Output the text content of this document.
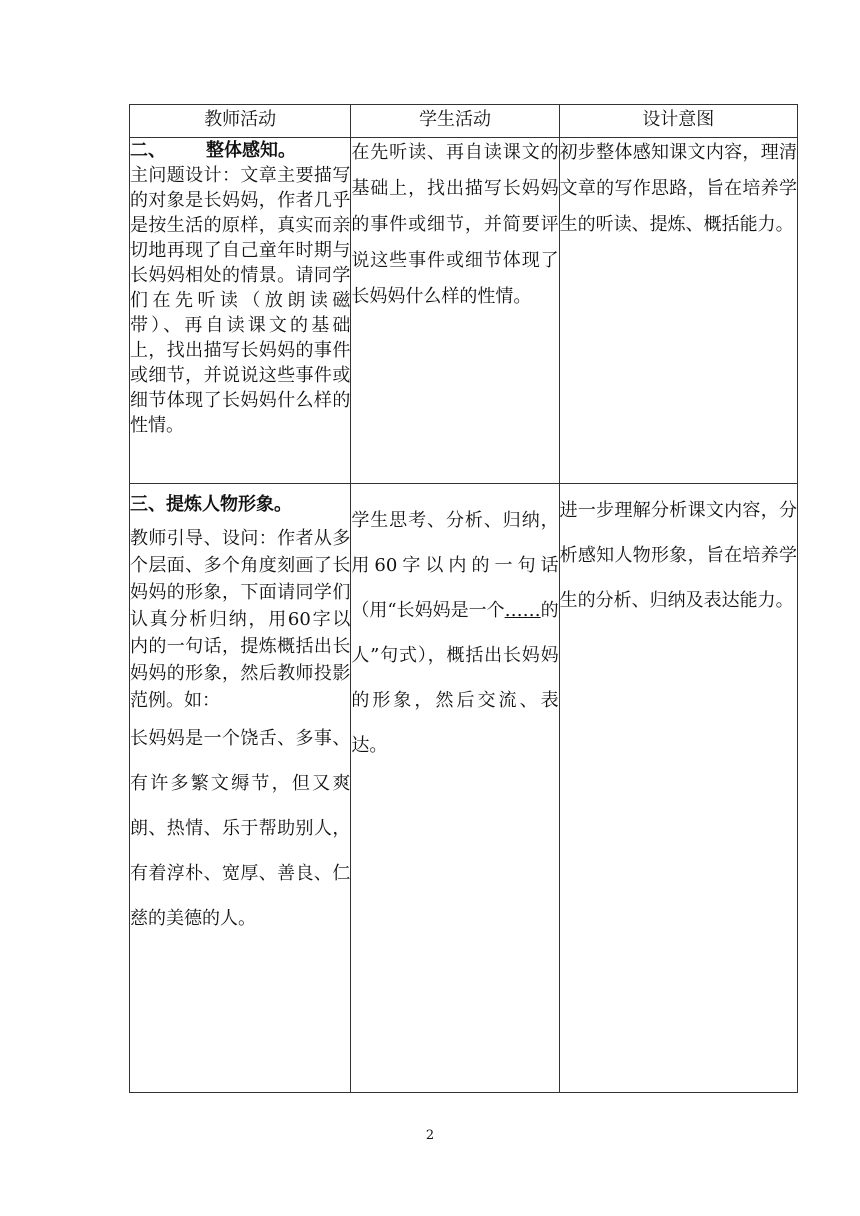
教师活动	学生活动	设计意图

二、 整体感知。

主问题设计：文章主要描写的对象是长妈妈，作者几乎是按生活的原样，真实而亲切地再现了自己童年时期与长妈妈相处的情景。请同学们在先听读（放朗读磁带）、再自读课文的基础上，找出描写长妈妈的事件或细节，并说说这些事件或细节体现了长妈妈什么样的性情。	在先听读、再自读课文的基础上，找出描写长妈妈的事件或细节，并简要评说这些事件或细节体现了长妈妈什么样的性情。	初步整体感知课文内容，理清文章的写作思路，旨在培养学生的听读、提炼、概括能力。

三、提炼人物形象。

教师引导、设问：作者从多个层面、多个角度刻画了长妈妈的形象，下面请同学们认真分析归纳，用60字以内的一句话，提炼概括出长妈妈的形象，然后教师投影范例。如：

长妈妈是一个饶舌、多事、有许多繁文缛节，但又爽朗、热情、乐于帮助别人，有着淳朴、宽厚、善良、仁慈的美德的人。	学生思考、分析、归纳，用60字以内的一句话（用“长妈妈是一个……的人”句式），概括出长妈妈的形象，然后交流、表达。	进一步理解分析课文内容，分析感知人物形象，旨在培养学生的分析、归纳及表达能力。

2
